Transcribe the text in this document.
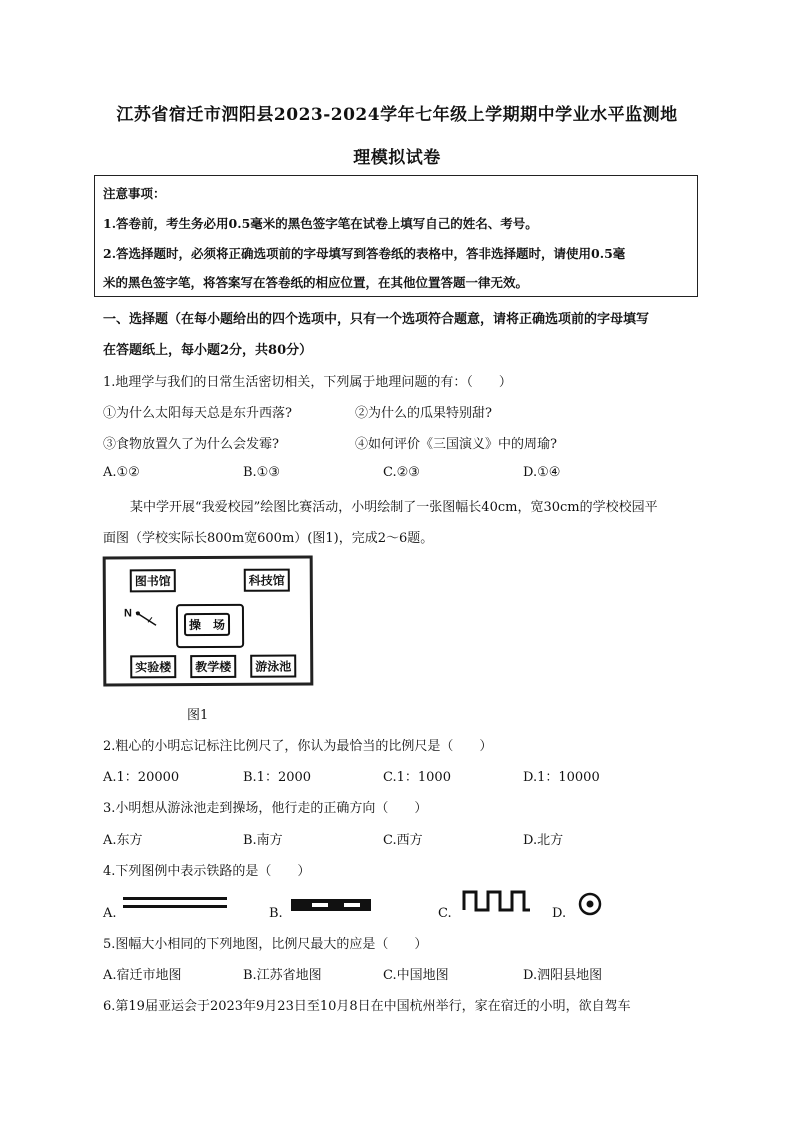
江苏省宿迁市泗阳县2023-2024学年七年级上学期期中学业水平监测地
理模拟试卷
注意事项：
1.答卷前，考生务必用0.5毫米的黑色签字笔在试卷上填写自己的姓名、考号。
2.答选择题时，必须将正确选项前的字母填写到答卷纸的表格中，答非选择题时，请使用0.5毫
米的黑色签字笔，将答案写在答卷纸的相应位置，在其他位置答题一律无效。
一、选择题（在每小题给出的四个选项中，只有一个选项符合题意，请将正确选项前的字母填写
在答题纸上，每小题2分，共80分）
1.地理学与我们的日常生活密切相关，下列属于地理问题的有：（　　）
①为什么太阳每天总是东升西落?	②为什么的瓜果特别甜?
③食物放置久了为什么会发霉?	④如何评价《三国演义》中的周瑜?
A.①②	B.①③	C.②③	D.①④
某中学开展“我爱校园”绘图比赛活动，小明绘制了一张图幅长40cm，宽30cm的学校校园平
面图（学校实际长800m宽600m）(图1)，完成2～6题。
图书馆	科技馆
操　场
N
实验楼	教学楼	游泳池
图1
2.粗心的小明忘记标注比例尺了，你认为最恰当的比例尺是（　　）
A.1：20000	B.1：2000	C.1：1000	D.1：10000
3.小明想从游泳池走到操场，他行走的正确方向（　　）
A.东方	B.南方	C.西方	D.北方
4.下列图例中表示铁路的是（　　）
A.	B.	C.	D.
5.图幅大小相同的下列地图，比例尺最大的应是（　　）
A.宿迁市地图	B.江苏省地图	C.中国地图	D.泗阳县地图
6.第19届亚运会于2023年9月23日至10月8日在中国杭州举行，家在宿迁的小明，欲自驾车
